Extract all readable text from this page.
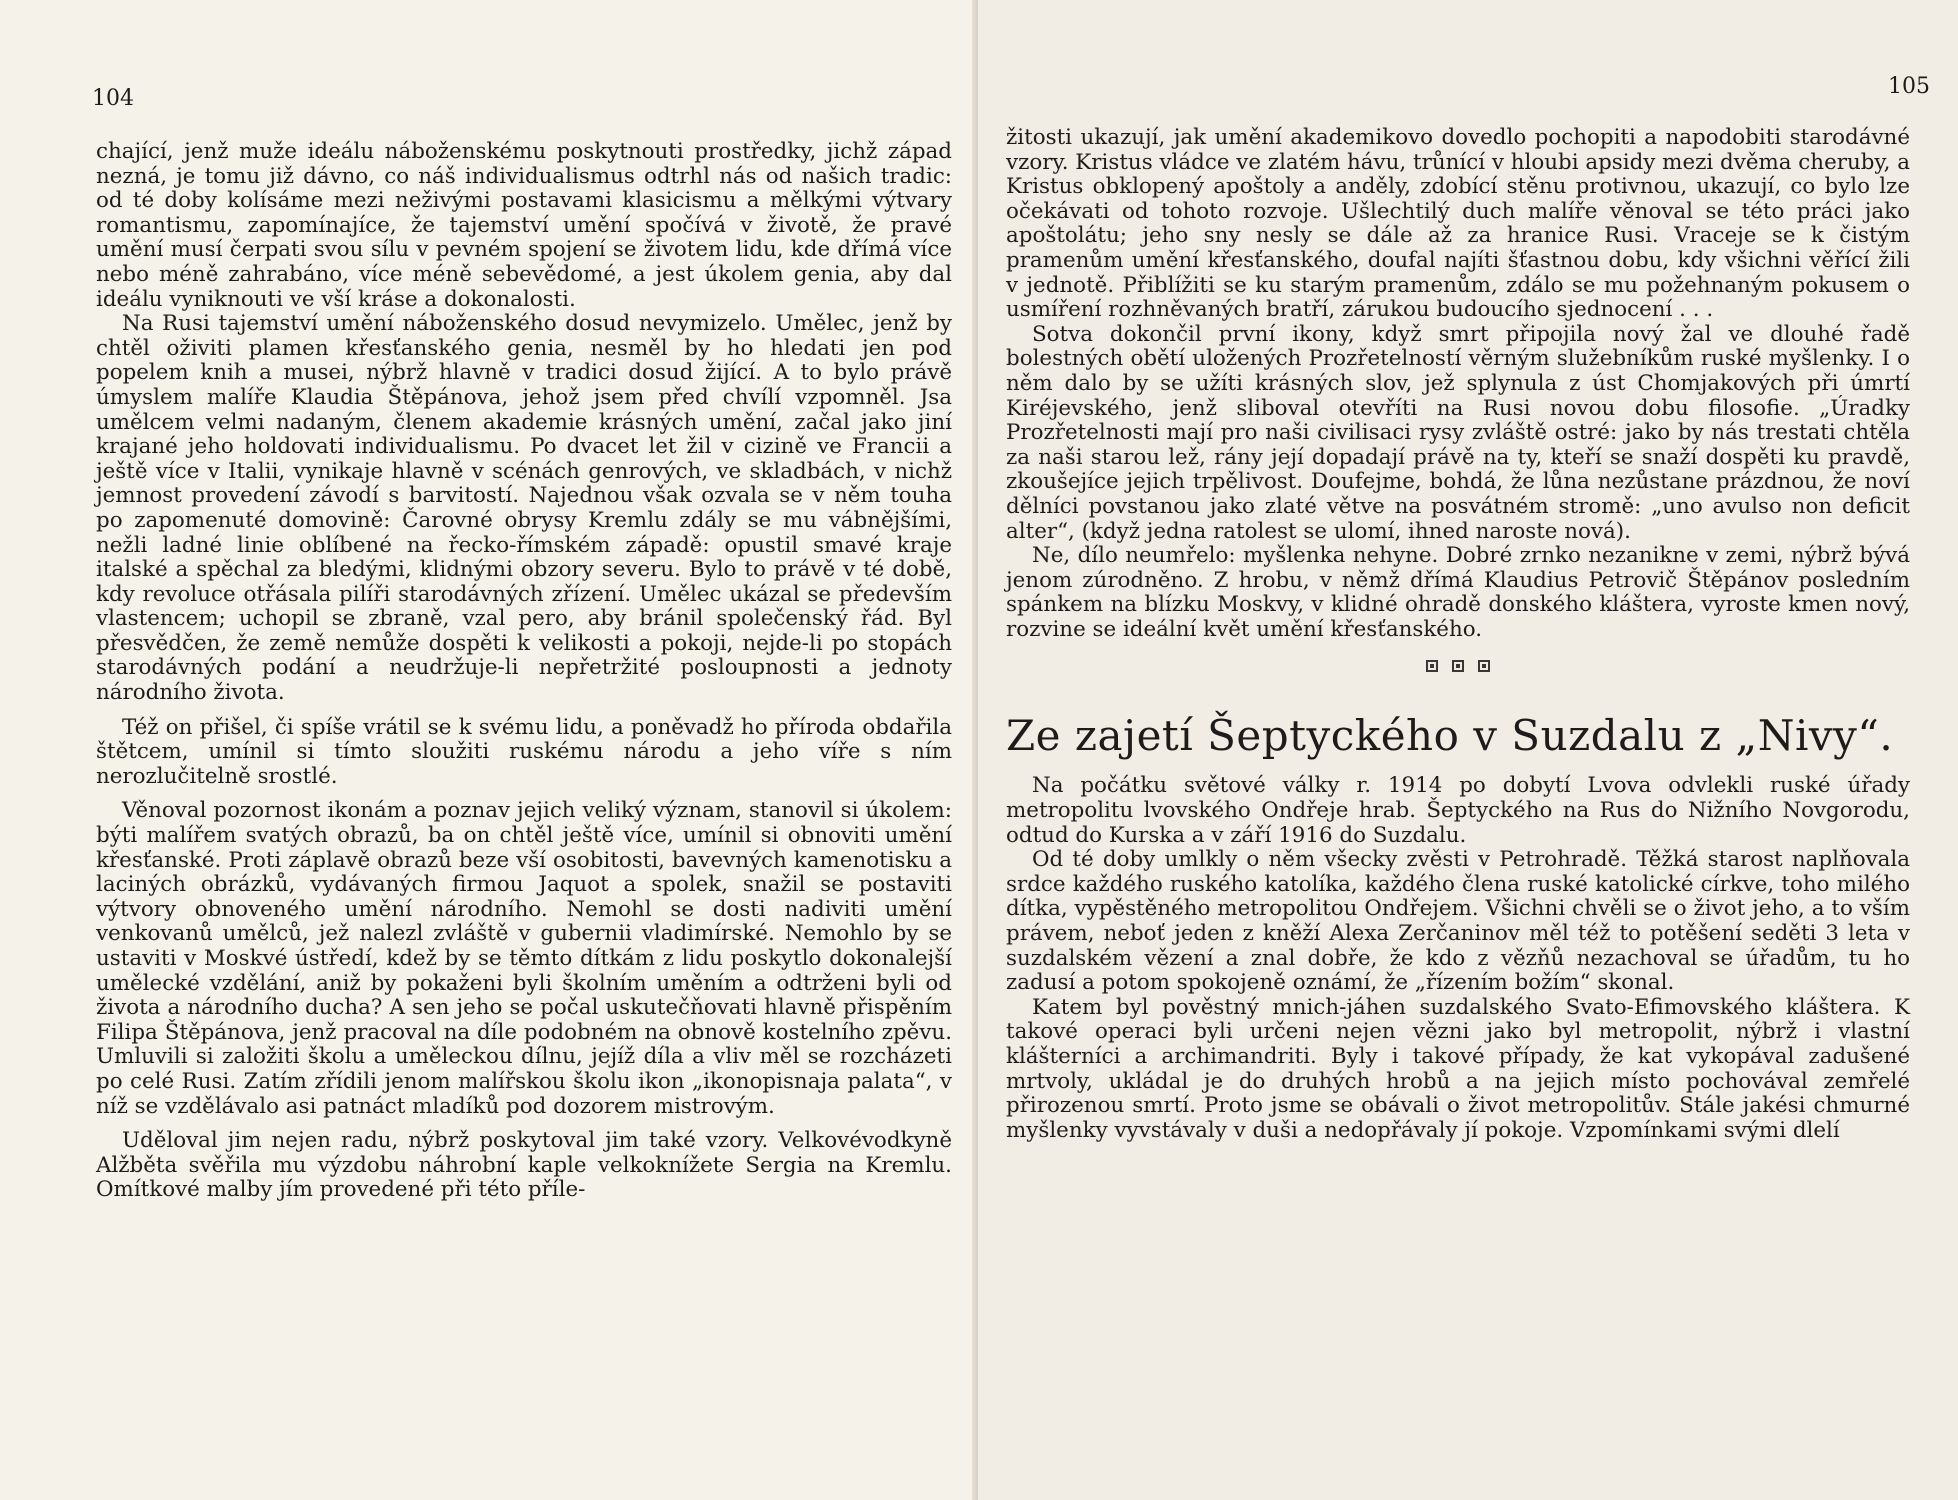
104

chající, jenž muže ideálu náboženskému poskytnouti prostředky, jichž západ nezná, je tomu již dávno, co náš individualismus odtrhl nás od našich tradic: od té doby kolísáme mezi neživými postavami klasicismu a mělkými výtvary romantismu, zapomínajíce, že tajemství umění spočívá v životě, že pravé umění musí čerpati svou sílu v pevném spojení se životem lidu, kde dřímá více nebo méně zahrabáno, více méně sebevědomé, a jest úkolem genia, aby dal ideálu vyniknouti ve vší kráse a dokonalosti.

Na Rusi tajemství umění náboženského dosud nevymizelo. Umělec, jenž by chtěl oživiti plamen křesťanského genia, nesměl by ho hledati jen pod popelem knih a musei, nýbrž hlavně v tradici dosud žijící. A to bylo právě úmyslem malíře Klaudia Štěpánova, jehož jsem před chvílí vzpomněl. Jsa umělcem velmi nadaným, členem akademie krásných umění, začal jako jiní krajané jeho holdovati individualismu. Po dvacet let žil v cizině ve Francii a ještě více v Italii, vynikaje hlavně v scénách genrových, ve skladbách, v nichž jemnost provedení závodí s barvitostí. Najednou však ozvala se v něm touha po zapomenuté domovině: Čarovné obrysy Kremlu zdály se mu vábnějšími, nežli ladné linie oblíbené na řecko-římském západě: opustil smavé kraje italské a spěchal za bledými, klidnými obzory severu. Bylo to právě v té době, kdy revoluce otřásala pilíři starodávných zřízení. Umělec ukázal se především vlastencem; uchopil se zbraně, vzal pero, aby bránil společenský řád. Byl přesvědčen, že země nemůže dospěti k velikosti a pokoji, nejde-li po stopách starodávných podání a neudržuje-li nepřetržité posloupnosti a jednoty národního života.

Též on přišel, či spíše vrátil se k svému lidu, a poněvadž ho příroda obdařila štětcem, umínil si tímto sloužiti ruskému národu a jeho víře s ním nerozlučitelně srostlé.

Věnoval pozornost ikonám a poznav jejich veliký význam, stanovil si úkolem: býti malířem svatých obrazů, ba on chtěl ještě více, umínil si obnoviti umění křesťanské. Proti záplavě obrazů beze vší osobitosti, bavevných kamenotisku a laciných obrázků, vydávaných firmou Jaquot a spolek, snažil se postaviti výtvory obnoveného umění národního. Nemohl se dosti nadiviti umění venkovanů umělců, jež nalezl zvláště v gubernii vladimírské. Nemohlo by se ustaviti v Moskvé ústředí, kdež by se těmto dítkám z lidu poskytlo dokonalejší umělecké vzdělání, aniž by pokaženi byli školním uměním a odtrženi byli od života a národního ducha? A sen jeho se počal uskutečňovati hlavně přispěním Filipa Štěpánova, jenž pracoval na díle podobném na obnově kostelního zpěvu. Umluvili si založiti školu a uměleckou dílnu, jejíž díla a vliv měl se rozcházeti po celé Rusi. Zatím zřídili jenom malířskou školu ikon „ikonopisnaja palata“, v níž se vzdělávalo asi patnáct mladíků pod dozorem mistrovým.

Uděloval jim nejen radu, nýbrž poskytoval jim také vzory. Velkovévodkyně Alžběta svěřila mu výzdobu náhrobní kaple velkoknížete Sergia na Kremlu. Omítkové malby jím provedené při této příle-

105

žitosti ukazují, jak umění akademikovo dovedlo pochopiti a napodobiti starodávné vzory. Kristus vládce ve zlatém hávu, trůnící v hloubi apsidy mezi dvěma cheruby, a Kristus obklopený apoštoly a anděly, zdobící stěnu protivnou, ukazují, co bylo lze očekávati od tohoto rozvoje. Ušlechtilý duch malíře věnoval se této práci jako apoštolátu; jeho sny nesly se dále až za hranice Rusi. Vraceje se k čistým pramenům umění křesťanského, doufal najíti šťastnou dobu, kdy všichni věřící žili v jednotě. Přiblížiti se ku starým pramenům, zdálo se mu požehnaným pokusem o usmíření rozhněvaných bratří, zárukou budoucího sjednocení . . .

Sotva dokončil první ikony, když smrt připojila nový žal ve dlouhé řadě bolestných obětí uložených Prozřetelností věrným služebníkům ruské myšlenky. I o něm dalo by se užíti krásných slov, jež splynula z úst Chomjakových při úmrtí Kiréjevského, jenž sliboval otevříti na Rusi novou dobu filosofie. „Úradky Prozřetelnosti mají pro naši civilisaci rysy zvláště ostré: jako by nás trestati chtěla za naši starou lež, rány její dopadají právě na ty, kteří se snaží dospěti ku pravdě, zkoušejíce jejich trpělivost. Doufejme, bohdá, že lůna nezůstane prázdnou, že noví dělníci povstanou jako zlaté větve na posvátném stromě: „uno avulso non deficit alter“, (když jedna ratolest se ulomí, ihned naroste nová).

Ne, dílo neumřelo: myšlenka nehyne. Dobré zrnko nezanikne v zemi, nýbrž bývá jenom zúrodněno. Z hrobu, v němž dřímá Klaudius Petrovič Štěpánov posledním spánkem na blízku Moskvy, v klidné ohradě donského kláštera, vyroste kmen nový, rozvine se ideální květ umění křesťanského.

Ze zajetí Šeptyckého v Suzdalu z „Nivy“.

Na počátku světové války r. 1914 po dobytí Lvova odvlekli ruské úřady metropolitu lvovského Ondřeje hrab. Šeptyckého na Rus do Nižního Novgorodu, odtud do Kurska a v září 1916 do Suzdalu.

Od té doby umlkly o něm všecky zvěsti v Petrohradě. Těžká starost naplňovala srdce každého ruského katolíka, každého člena ruské katolické církve, toho milého dítka, vypěstěného metropolitou Ondřejem. Všichni chvěli se o život jeho, a to vším právem, neboť jeden z kněží Alexa Zerčaninov měl též to potěšení seděti 3 leta v suzdalském vězení a znal dobře, že kdo z vězňů nezachoval se úřadům, tu ho zadusí a potom spokojeně oznámí, že „řízením božím“ skonal.

Katem byl pověstný mnich-jáhen suzdalského Svato-Efimovského kláštera. K takové operaci byli určeni nejen vězni jako byl metropolit, nýbrž i vlastní klášterníci a archimandriti. Byly i takové případy, že kat vykopával zadušené mrtvoly, ukládal je do druhých hrobů a na jejich místo pochovával zemřelé přirozenou smrtí. Proto jsme se obávali o život metropolitův. Stále jakési chmurné myšlenky vyvstávaly v duši a nedopřávaly jí pokoje. Vzpomínkami svými dlelí
